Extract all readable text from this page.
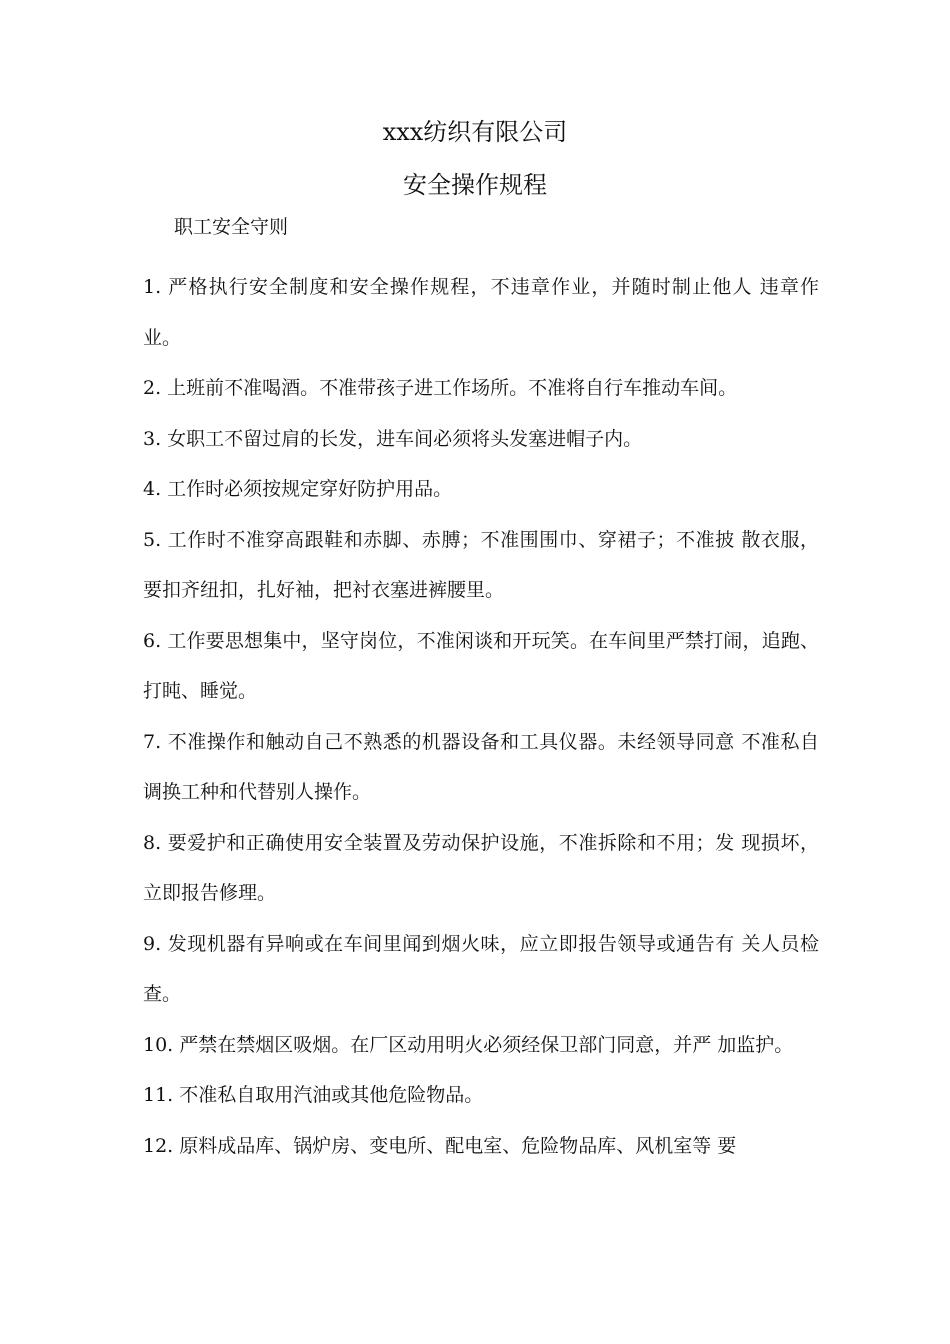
xxx纺织有限公司
安全操作规程
职工安全守则
1. 严格执行安全制度和安全操作规程，不违章作业，并随时制止他人 违章作业。
2. 上班前不准喝酒。不准带孩子进工作场所。不准将自行车推动车间。
3. 女职工不留过肩的长发，进车间必须将头发塞进帽子内。
4. 工作时必须按规定穿好防护用品。
5. 工作时不准穿高跟鞋和赤脚、赤膊；不准围围巾、穿裙子；不准披 散衣服，要扣齐纽扣，扎好袖，把衬衣塞进裤腰里。
6. 工作要思想集中，坚守岗位，不准闲谈和开玩笑。在车间里严禁打闹，追跑、打盹、睡觉。
7. 不准操作和触动自己不熟悉的机器设备和工具仪器。未经领导同意 不准私自调换工种和代替别人操作。
8. 要爱护和正确使用安全装置及劳动保护设施，不准拆除和不用；发 现损坏，立即报告修理。
9. 发现机器有异响或在车间里闻到烟火味，应立即报告领导或通告有 关人员检查。
10. 严禁在禁烟区吸烟。在厂区动用明火必须经保卫部门同意，并严 加监护。
11. 不准私自取用汽油或其他危险物品。
12. 原料成品库、锅炉房、变电所、配电室、危险物品库、风机室等 要
